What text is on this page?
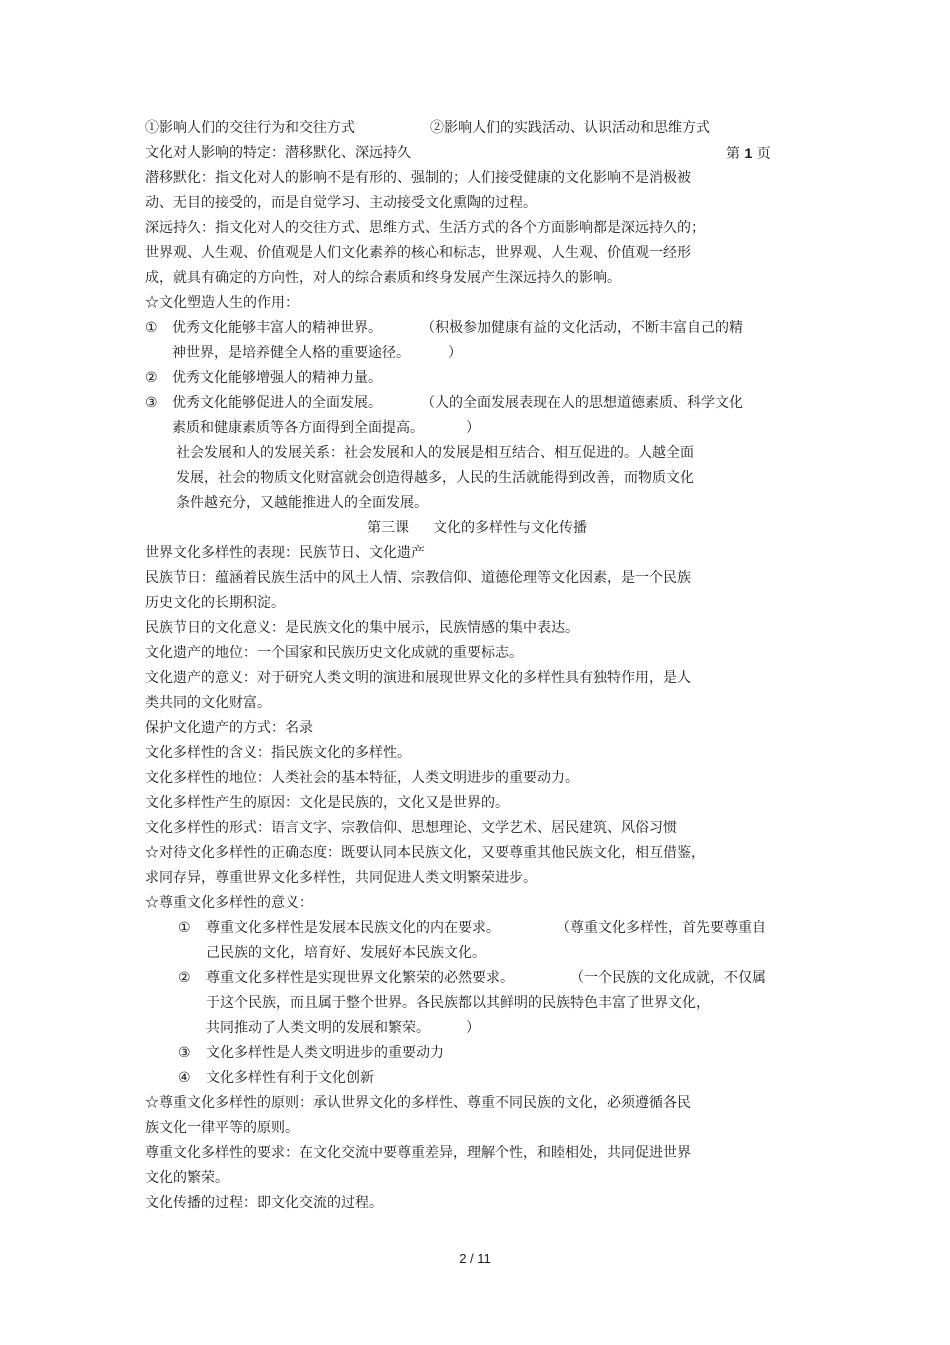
①影响人们的交往行为和交往方式	②影响人们的实践活动、认识活动和思维方式
文化对人影响的特定：潜移默化、深远持久	第 1 页
潜移默化：指文化对人的影响不是有形的、强制的；人们接受健康的文化影响不是消极被
动、无目的接受的，而是自觉学习、主动接受文化熏陶的过程。
深远持久：指文化对人的交往方式、思维方式、生活方式的各个方面影响都是深远持久的；
世界观、人生观、价值观是人们文化素养的核心和标志，世界观、人生观、价值观一经形
成，就具有确定的方向性，对人的综合素质和终身发展产生深远持久的影响。
☆文化塑造人生的作用：
① 优秀文化能够丰富人的精神世界。	（积极参加健康有益的文化活动，不断丰富自己的精
神世界，是培养健全人格的重要途径。	）
② 优秀文化能够增强人的精神力量。
③ 优秀文化能够促进人的全面发展。	（人的全面发展表现在人的思想道德素质、科学文化
素质和健康素质等各方面得到全面提高。	）
社会发展和人的发展关系：社会发展和人的发展是相互结合、相互促进的。人越全面
发展，社会的物质文化财富就会创造得越多，人民的生活就能得到改善，而物质文化
条件越充分，又越能推进人的全面发展。
第三课 文化的多样性与文化传播
世界文化多样性的表现：民族节日、文化遗产
民族节日：蕴涵着民族生活中的风土人情、宗教信仰、道德伦理等文化因素，是一个民族
历史文化的长期积淀。
民族节日的文化意义：是民族文化的集中展示，民族情感的集中表达。
文化遗产的地位：一个国家和民族历史文化成就的重要标志。
文化遗产的意义：对于研究人类文明的演进和展现世界文化的多样性具有独特作用，是人
类共同的文化财富。
保护文化遗产的方式：名录
文化多样性的含义：指民族文化的多样性。
文化多样性的地位：人类社会的基本特征，人类文明进步的重要动力。
文化多样性产生的原因：文化是民族的，文化又是世界的。
文化多样性的形式：语言文字、宗教信仰、思想理论、文学艺术、居民建筑、风俗习惯
☆对待文化多样性的正确态度：既要认同本民族文化，又要尊重其他民族文化，相互借鉴，
求同存异，尊重世界文化多样性，共同促进人类文明繁荣进步。
☆尊重文化多样性的意义：
① 尊重文化多样性是发展本民族文化的内在要求。	（尊重文化多样性，首先要尊重自
己民族的文化，培育好、发展好本民族文化。
② 尊重文化多样性是实现世界文化繁荣的必然要求。	（一个民族的文化成就，不仅属
于这个民族，而且属于整个世界。各民族都以其鲜明的民族特色丰富了世界文化，
共同推动了人类文明的发展和繁荣。	）
③ 文化多样性是人类文明进步的重要动力
④ 文化多样性有利于文化创新
☆尊重文化多样性的原则：承认世界文化的多样性、尊重不同民族的文化，必须遵循各民
族文化一律平等的原则。
尊重文化多样性的要求：在文化交流中要尊重差异，理解个性，和睦相处，共同促进世界
文化的繁荣。
文化传播的过程：即文化交流的过程。
2 / 11
